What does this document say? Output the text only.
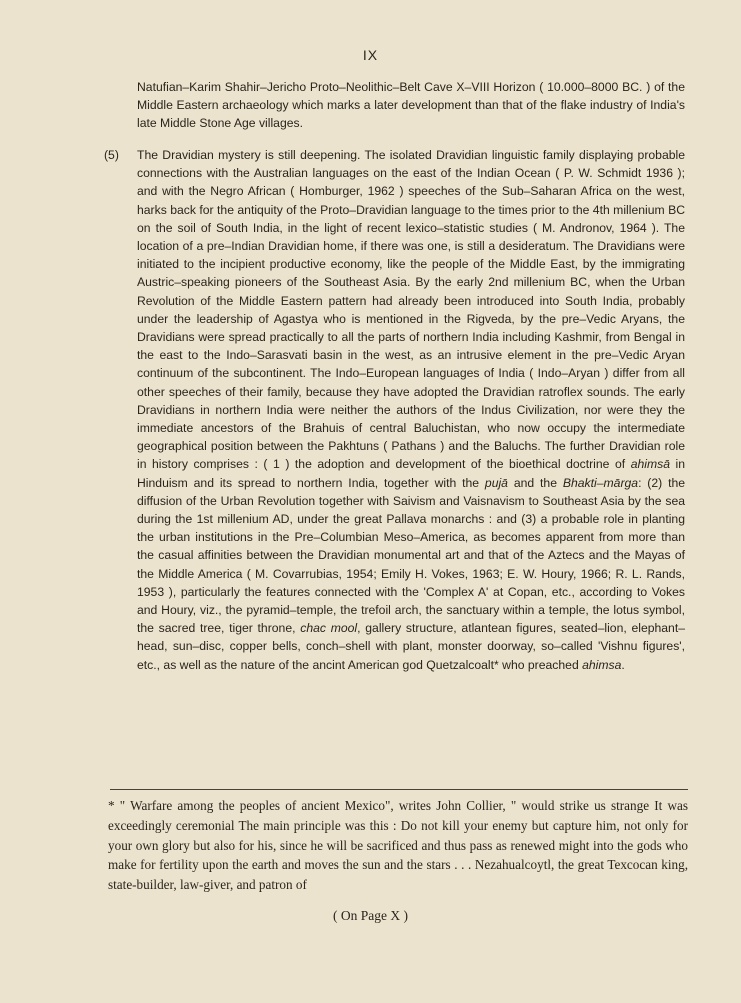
IX
Natufian–Karim Shahir–Jericho Proto–Neolithic–Belt Cave X–VIII Horizon ( 10.000–8000 BC. ) of the Middle Eastern archaeology which marks a later development than that of the flake industry of India's late Middle Stone Age villages.
(5) The Dravidian mystery is still deepening. The isolated Dravidian linguistic family displaying probable connections with the Australian languages on the east of the Indian Ocean ( P. W. Schmidt 1936 ); and with the Negro African ( Homburger, 1962 ) speeches of the Sub–Saharan Africa on the west, harks back for the antiquity of the Proto–Dravidian language to the times prior to the 4th millenium BC on the soil of South India, in the light of recent lexico–statistic studies ( M. Andronov, 1964 ). The location of a pre–Indian Dravidian home, if there was one, is still a desideratum. The Dravidians were initiated to the incipient productive economy, like the people of the Middle East, by the immigrating Austric–speaking pioneers of the Southeast Asia. By the early 2nd millenium BC, when the Urban Revolution of the Middle Eastern pattern had already been introduced into South India, probably under the leadership of Agastya who is mentioned in the Rigveda, by the pre–Vedic Aryans, the Dravidians were spread practically to all the parts of northern India including Kashmir, from Bengal in the east to the Indo–Sarasvati basin in the west, as an intrusive element in the pre–Vedic Aryan continuum of the subcontinent. The Indo–European languages of India ( Indo–Aryan ) differ from all other speeches of their family, because they have adopted the Dravidian ratroflex sounds. The early Dravidians in northern India were neither the authors of the Indus Civilization, nor were they the immediate ancestors of the Brahuis of central Baluchistan, who now occupy the intermediate geographical position between the Pakhtuns ( Pathans ) and the Baluchs. The further Dravidian role in history comprises : ( 1 ) the adoption and development of the bioethical doctrine of ahimsā in Hinduism and its spread to northern India, together with the pujā and the Bhakti–mārga: (2) the diffusion of the Urban Revolution together with Saivism and Vaisnavism to Southeast Asia by the sea during the 1st millenium AD, under the great Pallava monarchs : and (3) a probable role in planting the urban institutions in the Pre–Columbian Meso–America, as becomes apparent from more than the casual affinities between the Dravidian monumental art and that of the Aztecs and the Mayas of the Middle America ( M. Covarrubias, 1954; Emily H. Vokes, 1963; E. W. Houry, 1966; R. L. Rands, 1953 ), particularly the features connected with the 'Complex A' at Copan, etc., according to Vokes and Houry, viz., the pyramid–temple, the trefoil arch, the sanctuary within a temple, the lotus symbol, the sacred tree, tiger throne, chac mool, gallery structure, atlantean figures, seated–lion, elephant–head, sun–disc, copper bells, conch–shell with plant, monster doorway, so–called 'Vishnu figures', etc., as well as the nature of the ancint American god Quetzalcoalt* who preached ahimsa.
* " Warfare among the peoples of ancient Mexico", writes John Collier, " would strike us strange It was exceedingly ceremonial The main principle was this : Do not kill your enemy but capture him, not only for your own glory but also for his, since he will be sacrificed and thus pass as renewed might into the gods who make for fertility upon the earth and moves the sun and the stars . . . Nezahualcoytl, the great Texcocan king, state-builder, law-giver, and patron of
( On Page X )
